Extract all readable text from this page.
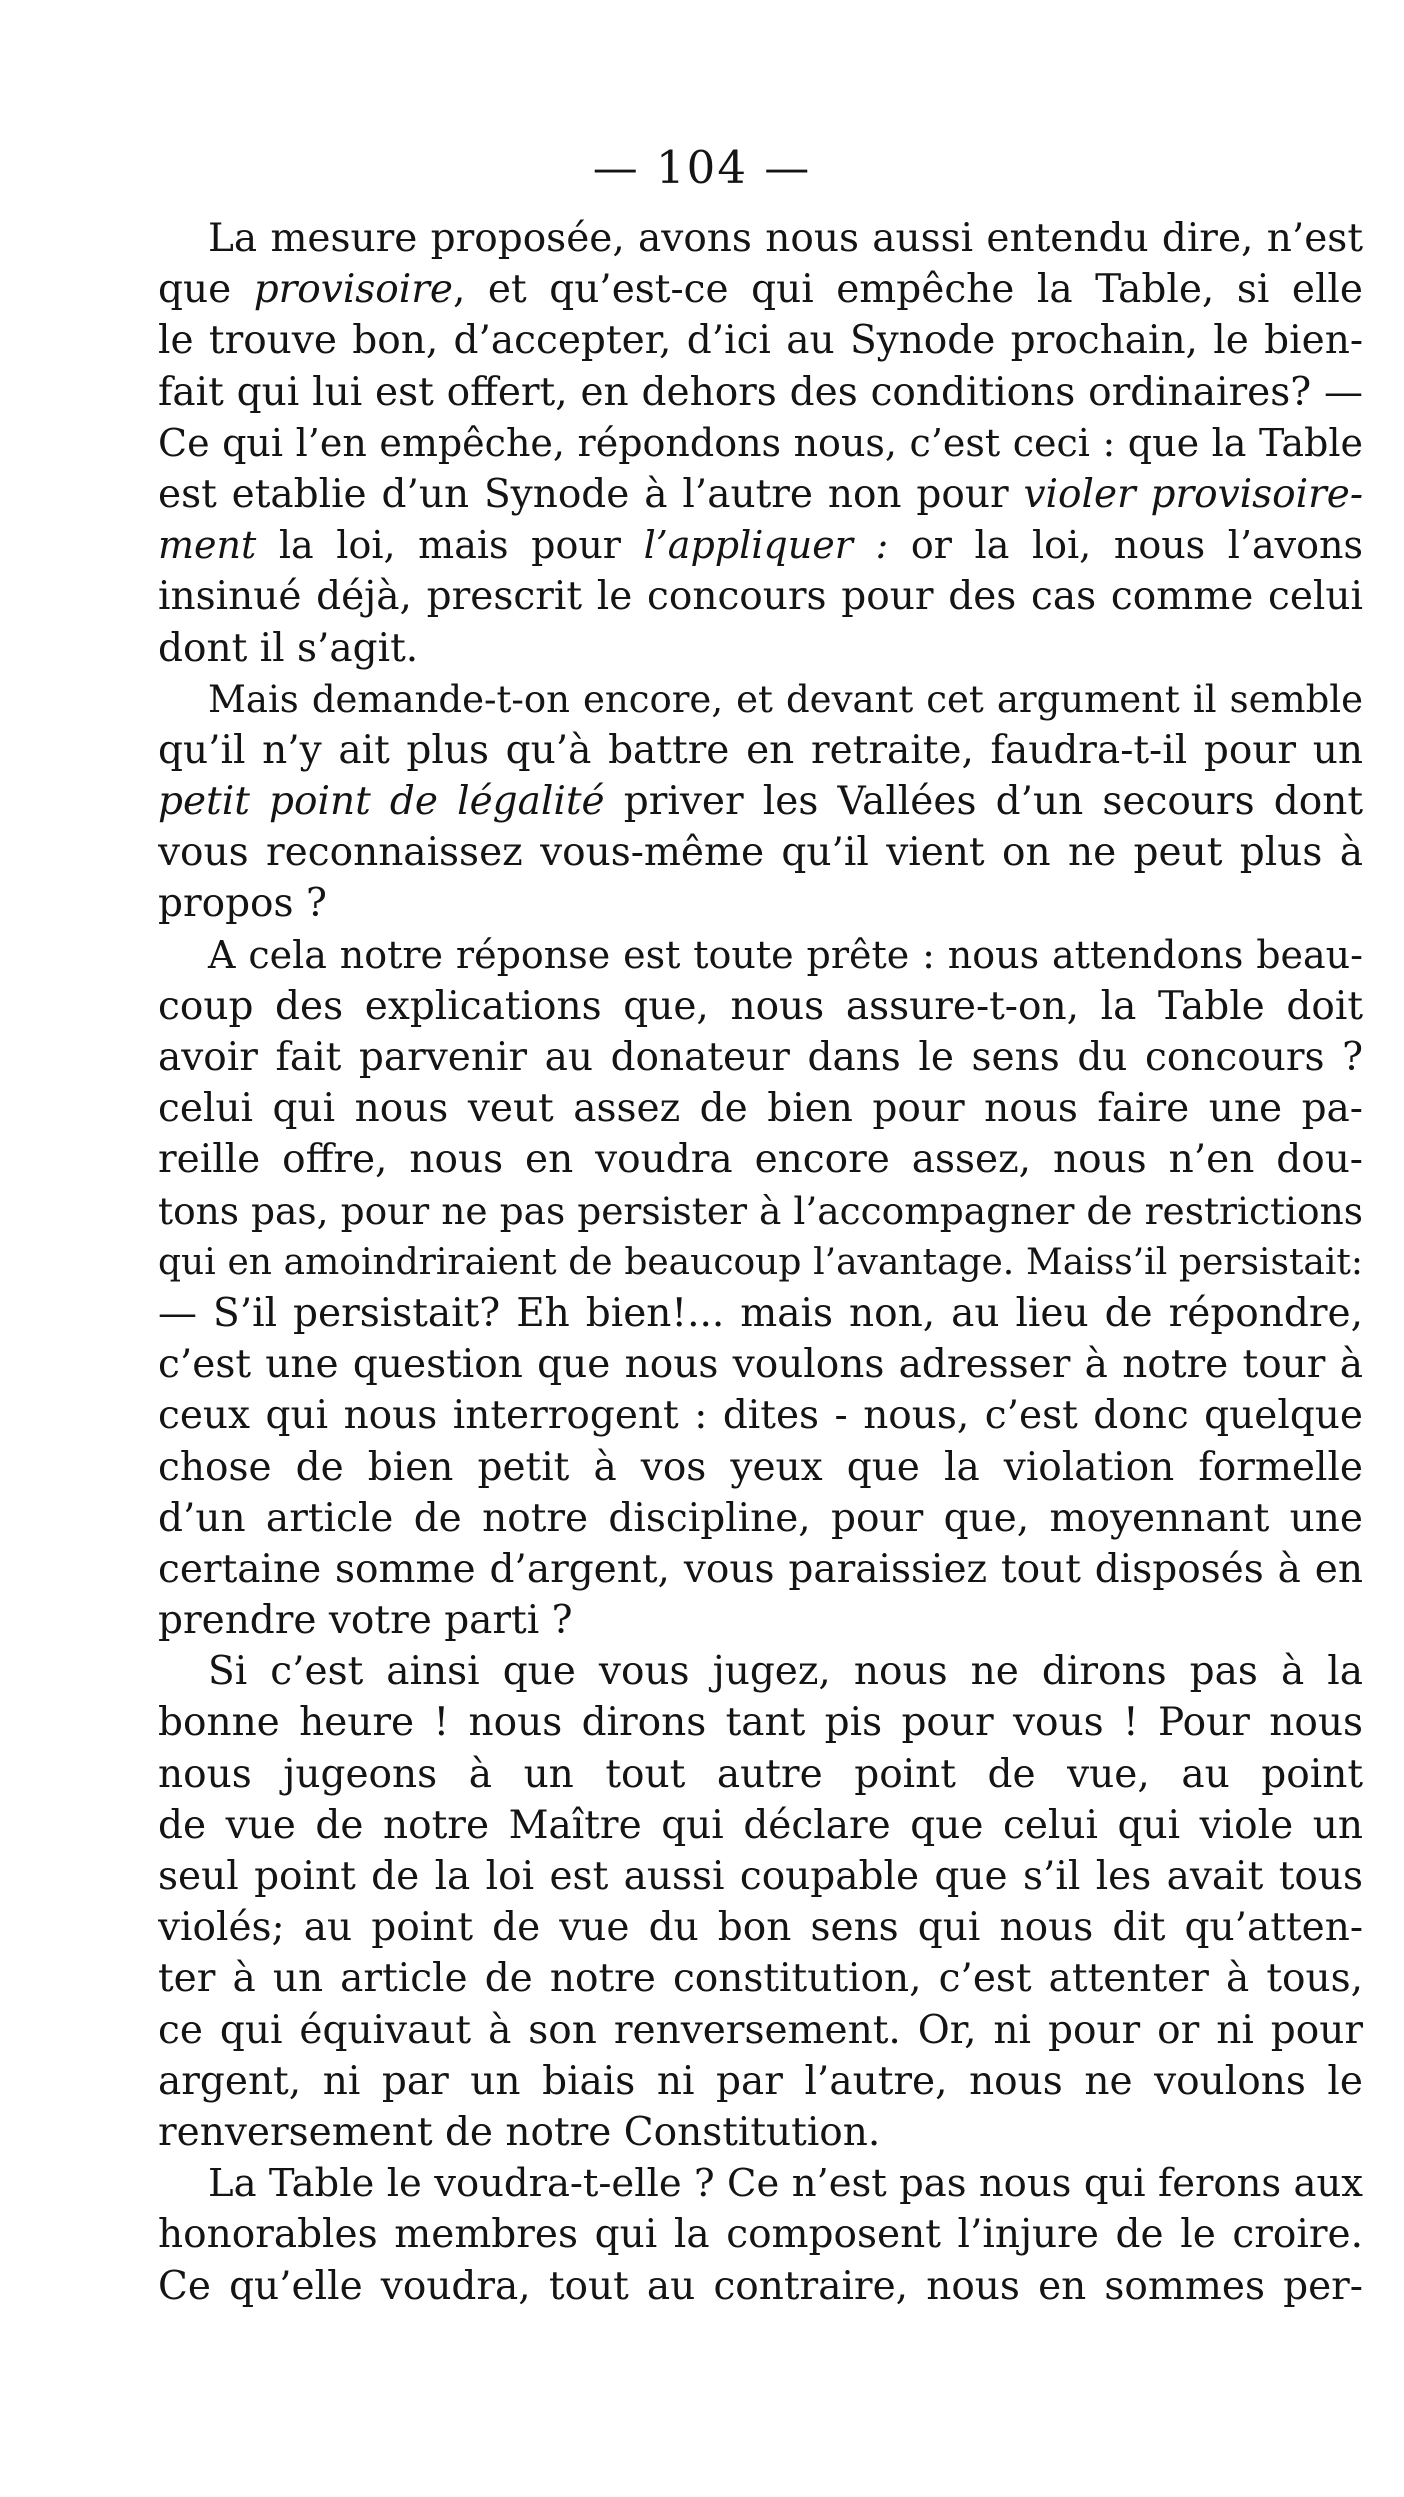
— 104 —
La mesure proposée, avons nous aussi entendu dire, n’est
que provisoire, et qu’est-ce qui empêche la Table, si elle
le trouve bon, d’accepter, d’ici au Synode prochain, le bien-
fait qui lui est offert, en dehors des conditions ordinaires? —
Ce qui l’en empêche, répondons nous, c’est ceci : que la Table
est etablie d’un Synode à l’autre non pour violer provisoire-
ment la loi, mais pour l’appliquer : or la loi, nous l’avons
insinué déjà, prescrit le concours pour des cas comme celui
dont il s’agit.
Mais demande-t-on encore, et devant cet argument il semble
qu’il n’y ait plus qu’à battre en retraite, faudra-t-il pour un
petit point de légalité priver les Vallées d’un secours dont
vous reconnaissez vous-même qu’il vient on ne peut plus à
propos ?
A cela notre réponse est toute prête : nous attendons beau-
coup des explications que, nous assure-t-on, la Table doit
avoir fait parvenir au donateur dans le sens du concours ?
celui qui nous veut assez de bien pour nous faire une pa-
reille offre, nous en voudra encore assez, nous n’en dou-
tons pas, pour ne pas persister à l’accompagner de restrictions
qui en amoindriraient de beaucoup l’avantage. Maiss’il persistait:
— S’il persistait? Eh bien!... mais non, au lieu de répondre,
c’est une question que nous voulons adresser à notre tour à
ceux qui nous interrogent : dites - nous, c’est donc quelque
chose de bien petit à vos yeux que la violation formelle
d’un article de notre discipline, pour que, moyennant une
certaine somme d’argent, vous paraissiez tout disposés à en
prendre votre parti ?
Si c’est ainsi que vous jugez, nous ne dirons pas à la
bonne heure ! nous dirons tant pis pour vous ! Pour nous
nous jugeons à un tout autre point de vue, au point
de vue de notre Maître qui déclare que celui qui viole un
seul point de la loi est aussi coupable que s’il les avait tous
violés; au point de vue du bon sens qui nous dit qu’atten-
ter à un article de notre constitution, c’est attenter à tous,
ce qui équivaut à son renversement. Or, ni pour or ni pour
argent, ni par un biais ni par l’autre, nous ne voulons le
renversement de notre Constitution.
La Table le voudra-t-elle ? Ce n’est pas nous qui ferons aux
honorables membres qui la composent l’injure de le croire.
Ce qu’elle voudra, tout au contraire, nous en sommes per-
